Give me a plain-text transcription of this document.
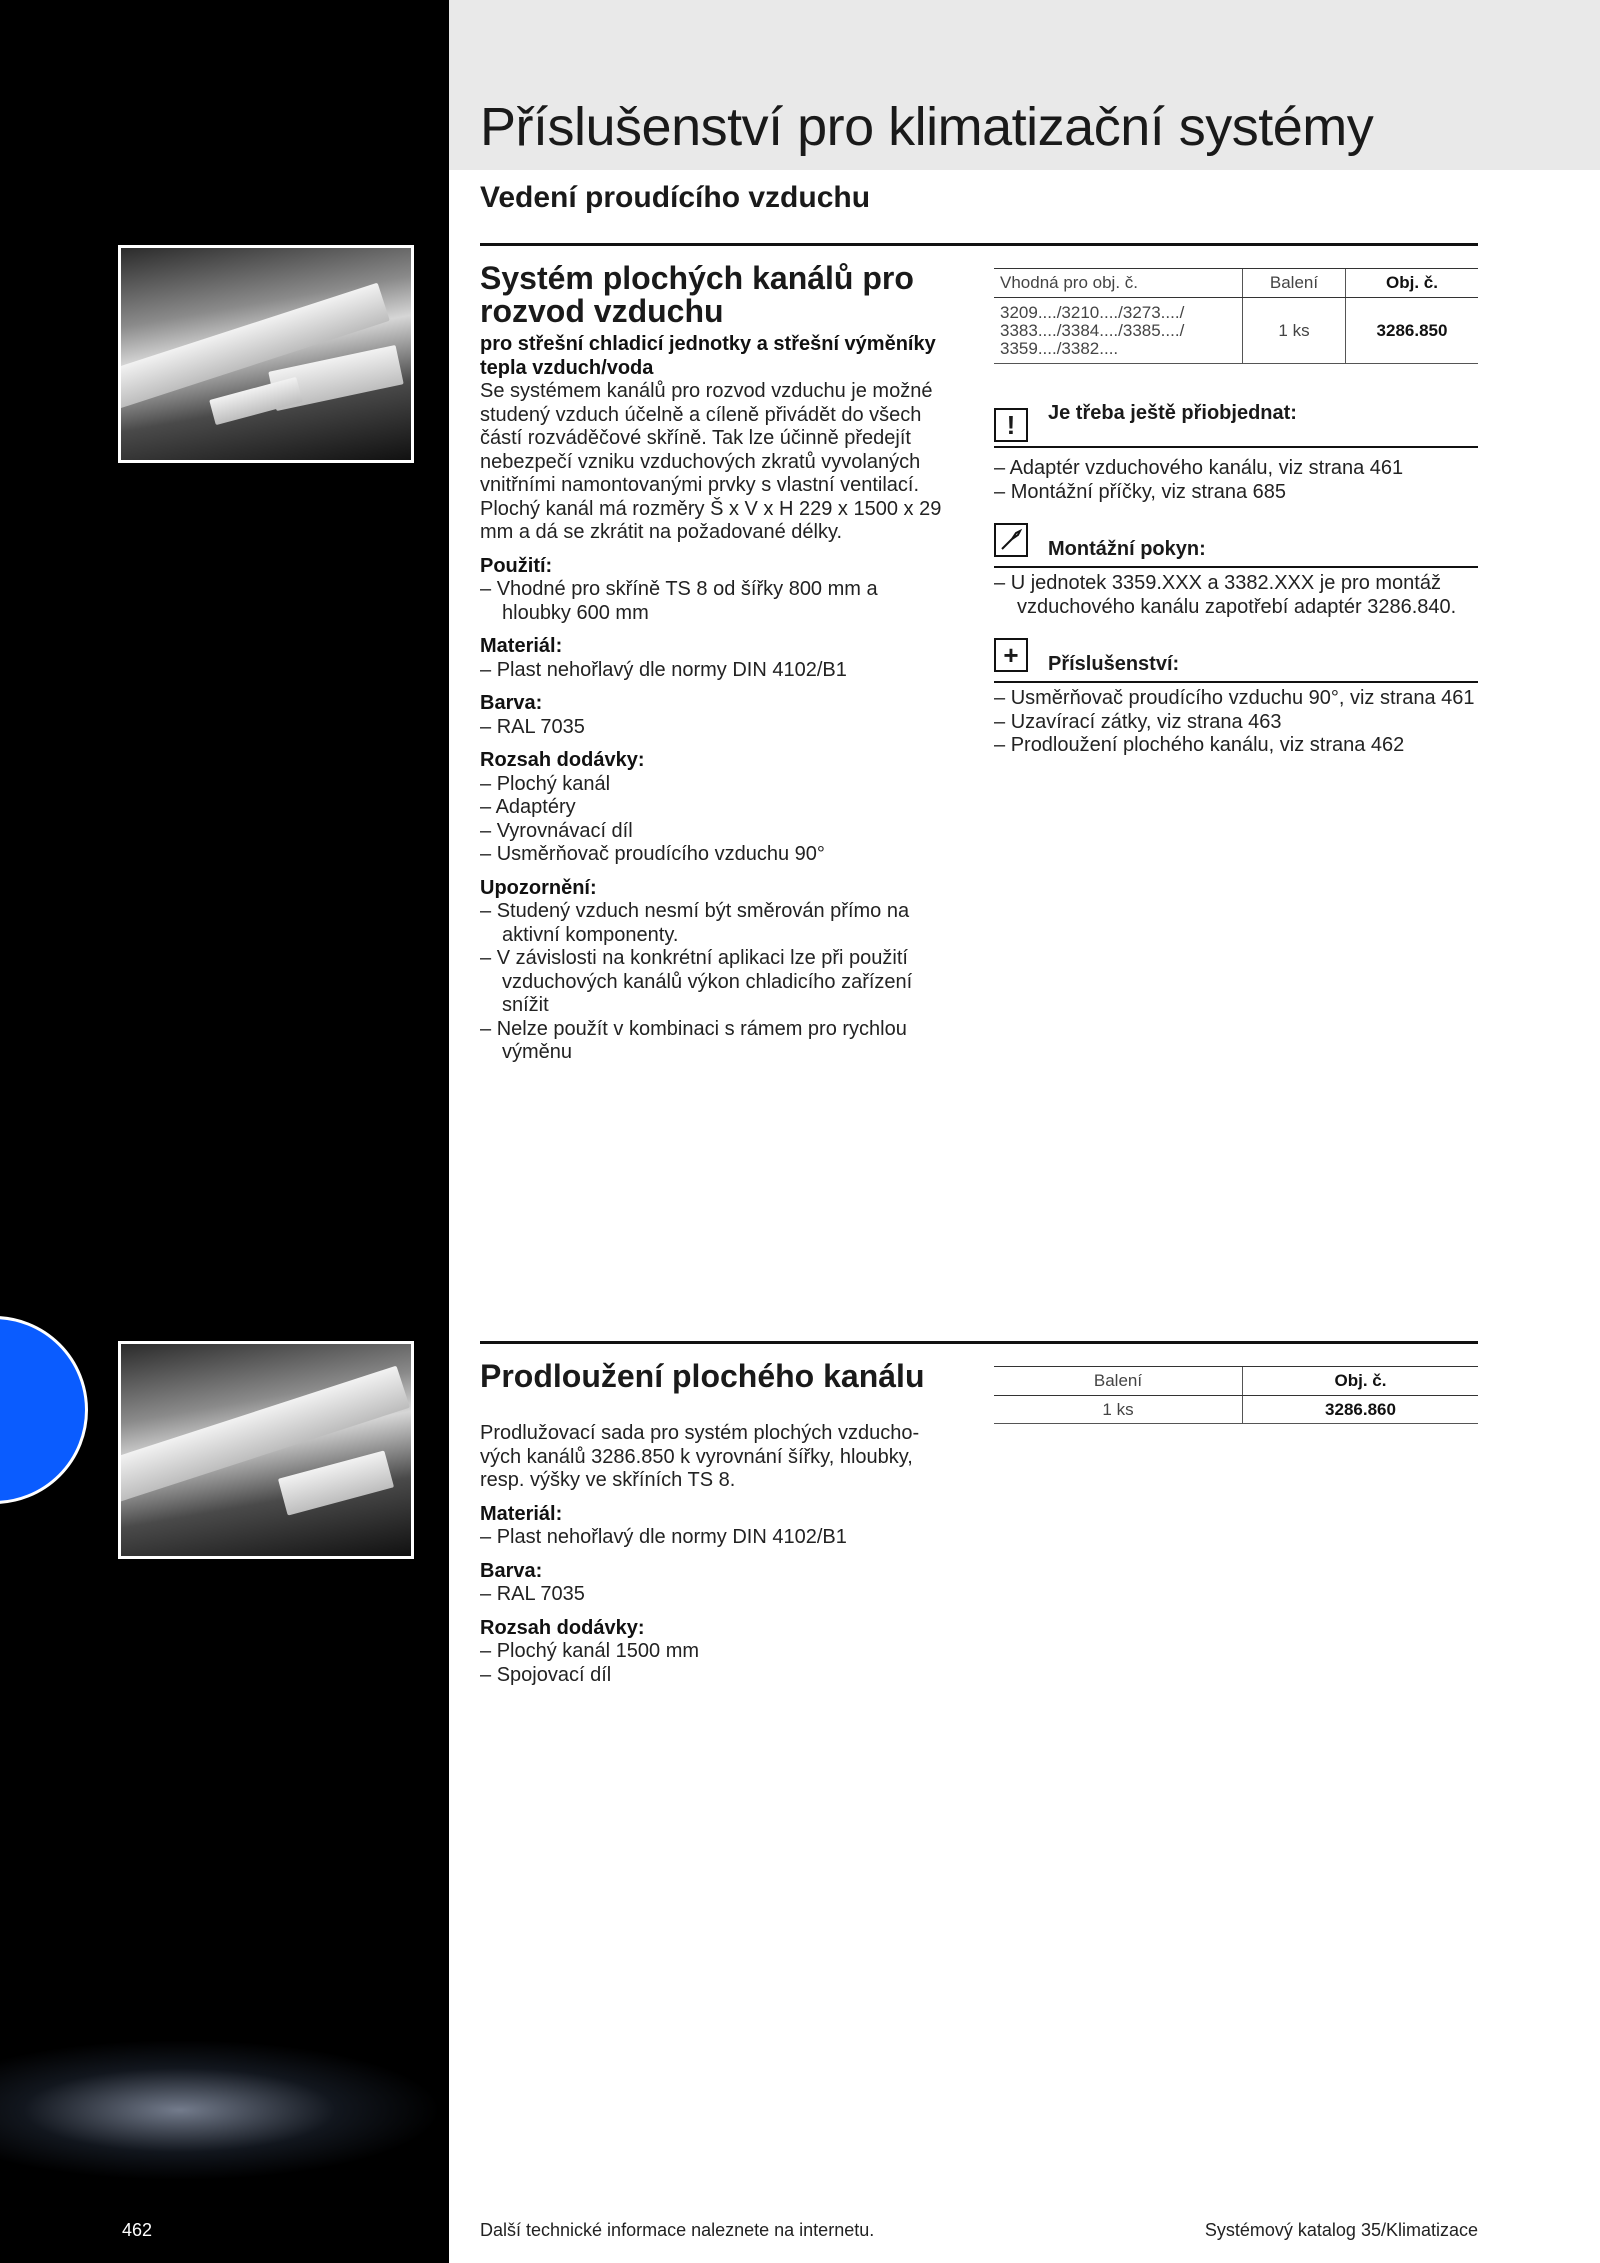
Příslušenství pro klimatizační systémy
Vedení proudícího vzduchu
Systém plochých kanálů pro rozvod vzduchu
pro střešní chladicí jednotky a střešní výměníky tepla vzduch/voda

Se systémem kanálů pro rozvod vzduchu je možné studený vzduch účelně a cíleně přivádět do všech částí rozváděčové skříně. Tak lze účinně předejít nebezpečí vzniku vzduchových zkratů vyvolaných vnitřními namontovanými prvky s vlastní ventilací. Plochý kanál má rozměry Š x V x H 229 x 1500 x 29 mm a dá se zkrátit na požadované délky.

Použití:
– Vhodné pro skříně TS 8 od šířky 800 mm a hloubky 600 mm
Materiál:
– Plast nehořlavý dle normy DIN 4102/B1
Barva:
– RAL 7035
Rozsah dodávky:
– Plochý kanál
– Adaptéry
– Vyrovnávací díl
– Usměrňovač proudícího vzduchu 90°
Upozornění:
– Studený vzduch nesmí být směrován přímo na aktivní komponenty.
– V závislosti na konkrétní aplikaci lze při použití vzduchových kanálů výkon chladicího zařízení snížit
– Nelze použít v kombinaci s rámem pro rychlou výměnu
Vhodná pro obj. č.	Balení	Obj. č.
3209..../3210..../3273..../ 3383..../3384..../3385..../ 3359..../3382....	1 ks	3286.850
!	Je třeba ještě přiobjednat:
– Adaptér vzduchového kanálu, viz strana 461
– Montážní příčky, viz strana 685
Montážní pokyn:
– U jednotek 3359.XXX a 3382.XXX je pro montáž vzduchového kanálu zapotřebí adaptér 3286.840.
+	Příslušenství:
– Usměrňovač proudícího vzduchu 90°, viz strana 461
– Uzavírací zátky, viz strana 463
– Prodloužení plochého kanálu, viz strana 462
Prodloužení plochého kanálu

Prodlužovací sada pro systém plochých vzducho-vých kanálů 3286.850 k vyrovnání šířky, hloubky, resp. výšky ve skříních TS 8.

Materiál:
– Plast nehořlavý dle normy DIN 4102/B1
Barva:
– RAL 7035
Rozsah dodávky:
– Plochý kanál 1500 mm
– Spojovací díl
Balení	Obj. č.
1 ks	3286.860
462	Další technické informace naleznete na internetu.	Systémový katalog 35/Klimatizace
